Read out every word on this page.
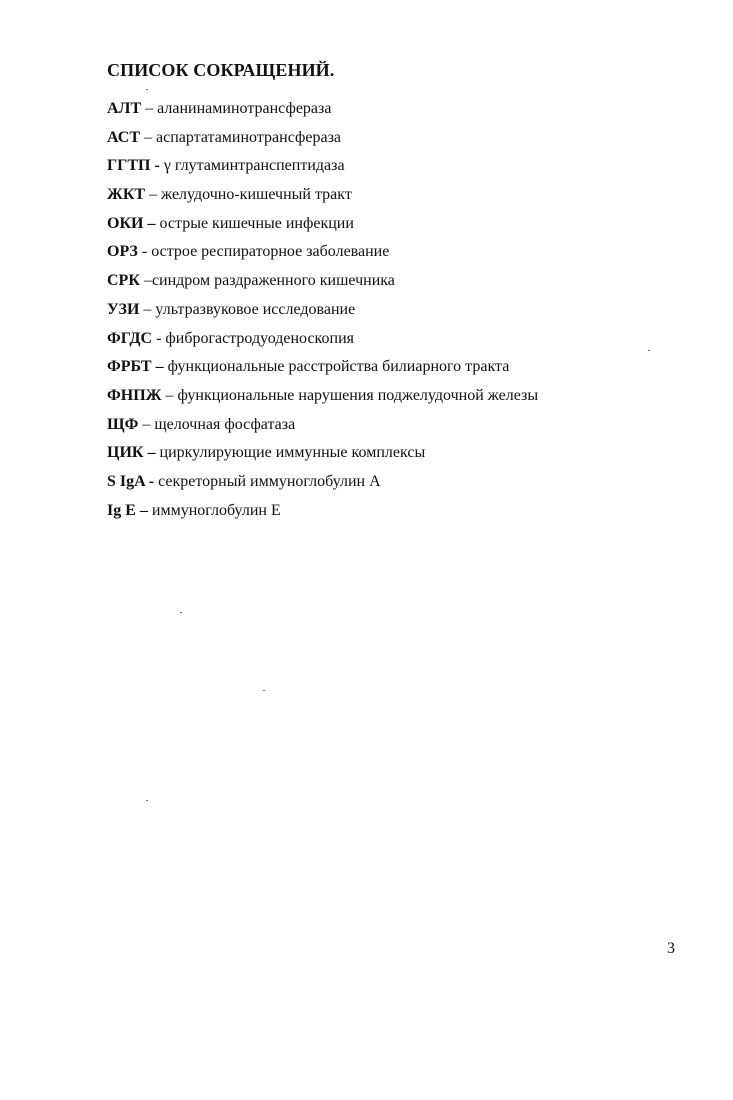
СПИСОК СОКРАЩЕНИЙ.
АЛТ – аланинаминотрансфераза
АСТ – аспартатаминотрансфераза
ГГТП - γ глутаминтранспептидаза
ЖКТ – желудочно-кишечный тракт
ОКИ – острые кишечные инфекции
ОРЗ - острое респираторное заболевание
СРК –синдром раздраженного кишечника
УЗИ – ультразвуковое исследование
ФГДС - фиброгастродуоденоскопия
ФРБТ – функциональные расстройства билиарного тракта
ФНПЖ – функциональные нарушения поджелудочной железы
ЩФ – щелочная фосфатаза
ЦИК – циркулирующие иммунные комплексы
S IgA - секреторный иммуноглобулин А
Ig E – иммуноглобулин Е
3
